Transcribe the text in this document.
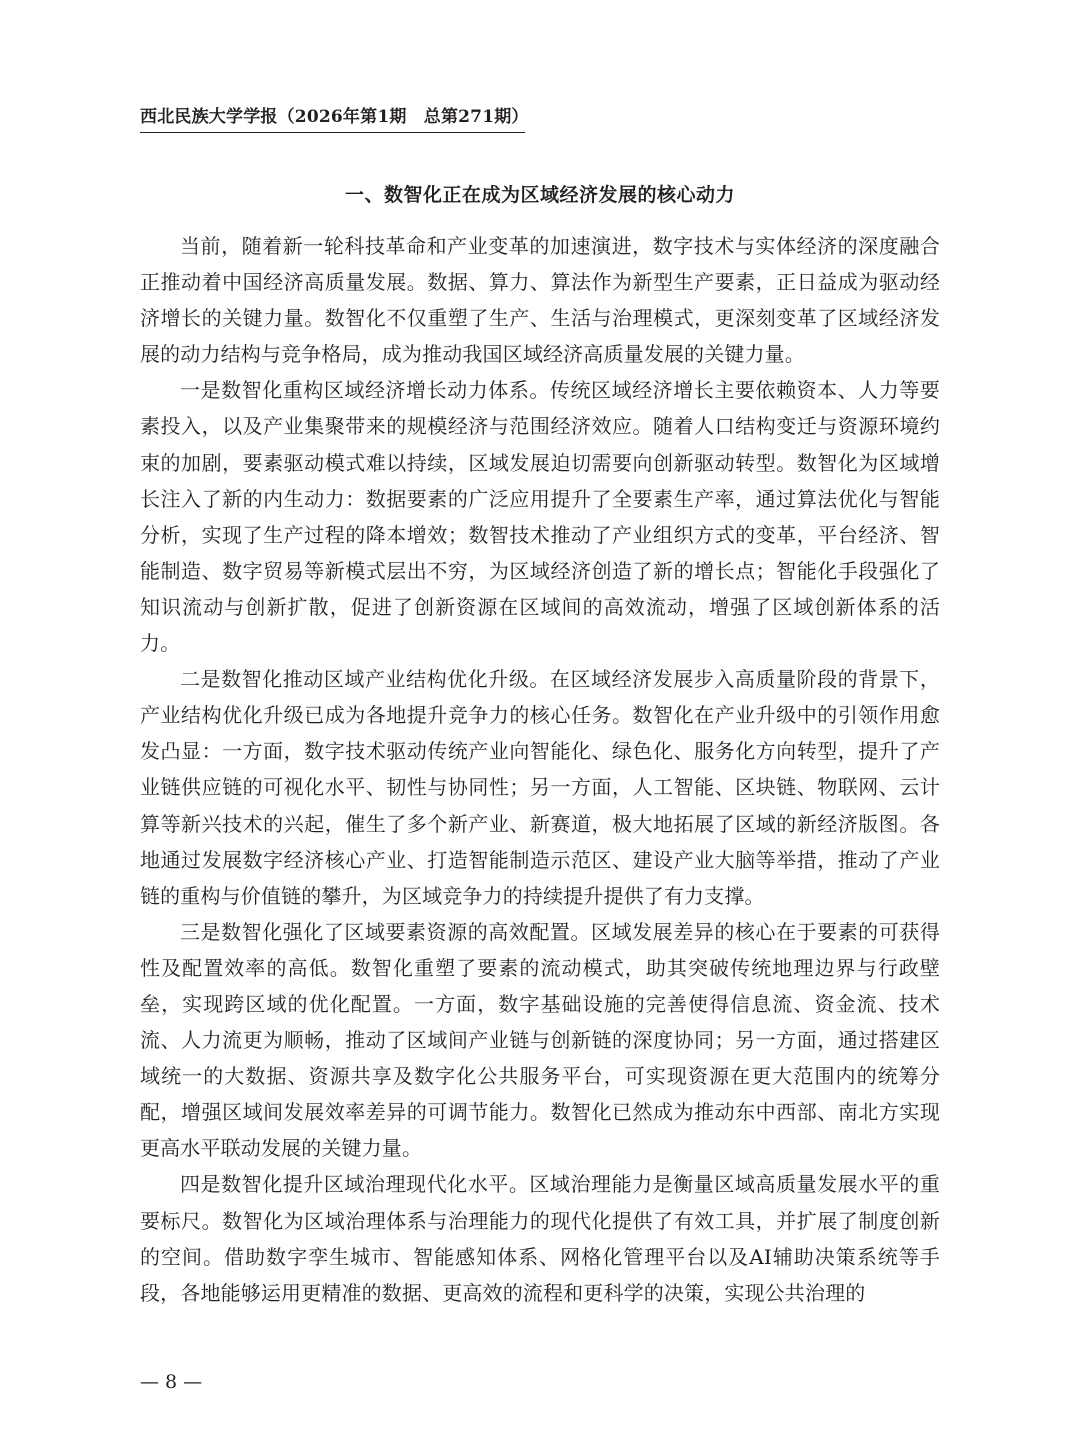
西北民族大学学报（2026年第1期　总第271期）
一、数智化正在成为区域经济发展的核心动力

当前，随着新一轮科技革命和产业变革的加速演进，数字技术与实体经济的深度融合正推动着中国经济高质量发展。数据、算力、算法作为新型生产要素，正日益成为驱动经济增长的关键力量。数智化不仅重塑了生产、生活与治理模式，更深刻变革了区域经济发展的动力结构与竞争格局，成为推动我国区域经济高质量发展的关键力量。

一是数智化重构区域经济增长动力体系。传统区域经济增长主要依赖资本、人力等要素投入，以及产业集聚带来的规模经济与范围经济效应。随着人口结构变迁与资源环境约束的加剧，要素驱动模式难以持续，区域发展迫切需要向创新驱动转型。数智化为区域增长注入了新的内生动力：数据要素的广泛应用提升了全要素生产率，通过算法优化与智能分析，实现了生产过程的降本增效；数智技术推动了产业组织方式的变革，平台经济、智能制造、数字贸易等新模式层出不穷，为区域经济创造了新的增长点；智能化手段强化了知识流动与创新扩散，促进了创新资源在区域间的高效流动，增强了区域创新体系的活力。

二是数智化推动区域产业结构优化升级。在区域经济发展步入高质量阶段的背景下，产业结构优化升级已成为各地提升竞争力的核心任务。数智化在产业升级中的引领作用愈发凸显：一方面，数字技术驱动传统产业向智能化、绿色化、服务化方向转型，提升了产业链供应链的可视化水平、韧性与协同性；另一方面，人工智能、区块链、物联网、云计算等新兴技术的兴起，催生了多个新产业、新赛道，极大地拓展了区域的新经济版图。各地通过发展数字经济核心产业、打造智能制造示范区、建设产业大脑等举措，推动了产业链的重构与价值链的攀升，为区域竞争力的持续提升提供了有力支撑。

三是数智化强化了区域要素资源的高效配置。区域发展差异的核心在于要素的可获得性及配置效率的高低。数智化重塑了要素的流动模式，助其突破传统地理边界与行政壁垒，实现跨区域的优化配置。一方面，数字基础设施的完善使得信息流、资金流、技术流、人力流更为顺畅，推动了区域间产业链与创新链的深度协同；另一方面，通过搭建区域统一的大数据、资源共享及数字化公共服务平台，可实现资源在更大范围内的统筹分配，增强区域间发展效率差异的可调节能力。数智化已然成为推动东中西部、南北方实现更高水平联动发展的关键力量。

四是数智化提升区域治理现代化水平。区域治理能力是衡量区域高质量发展水平的重要标尺。数智化为区域治理体系与治理能力的现代化提供了有效工具，并扩展了制度创新的空间。借助数字孪生城市、智能感知体系、网格化管理平台以及AI辅助决策系统等手段，各地能够运用更精准的数据、更高效的流程和更科学的决策，实现公共治理的

— 8 —
